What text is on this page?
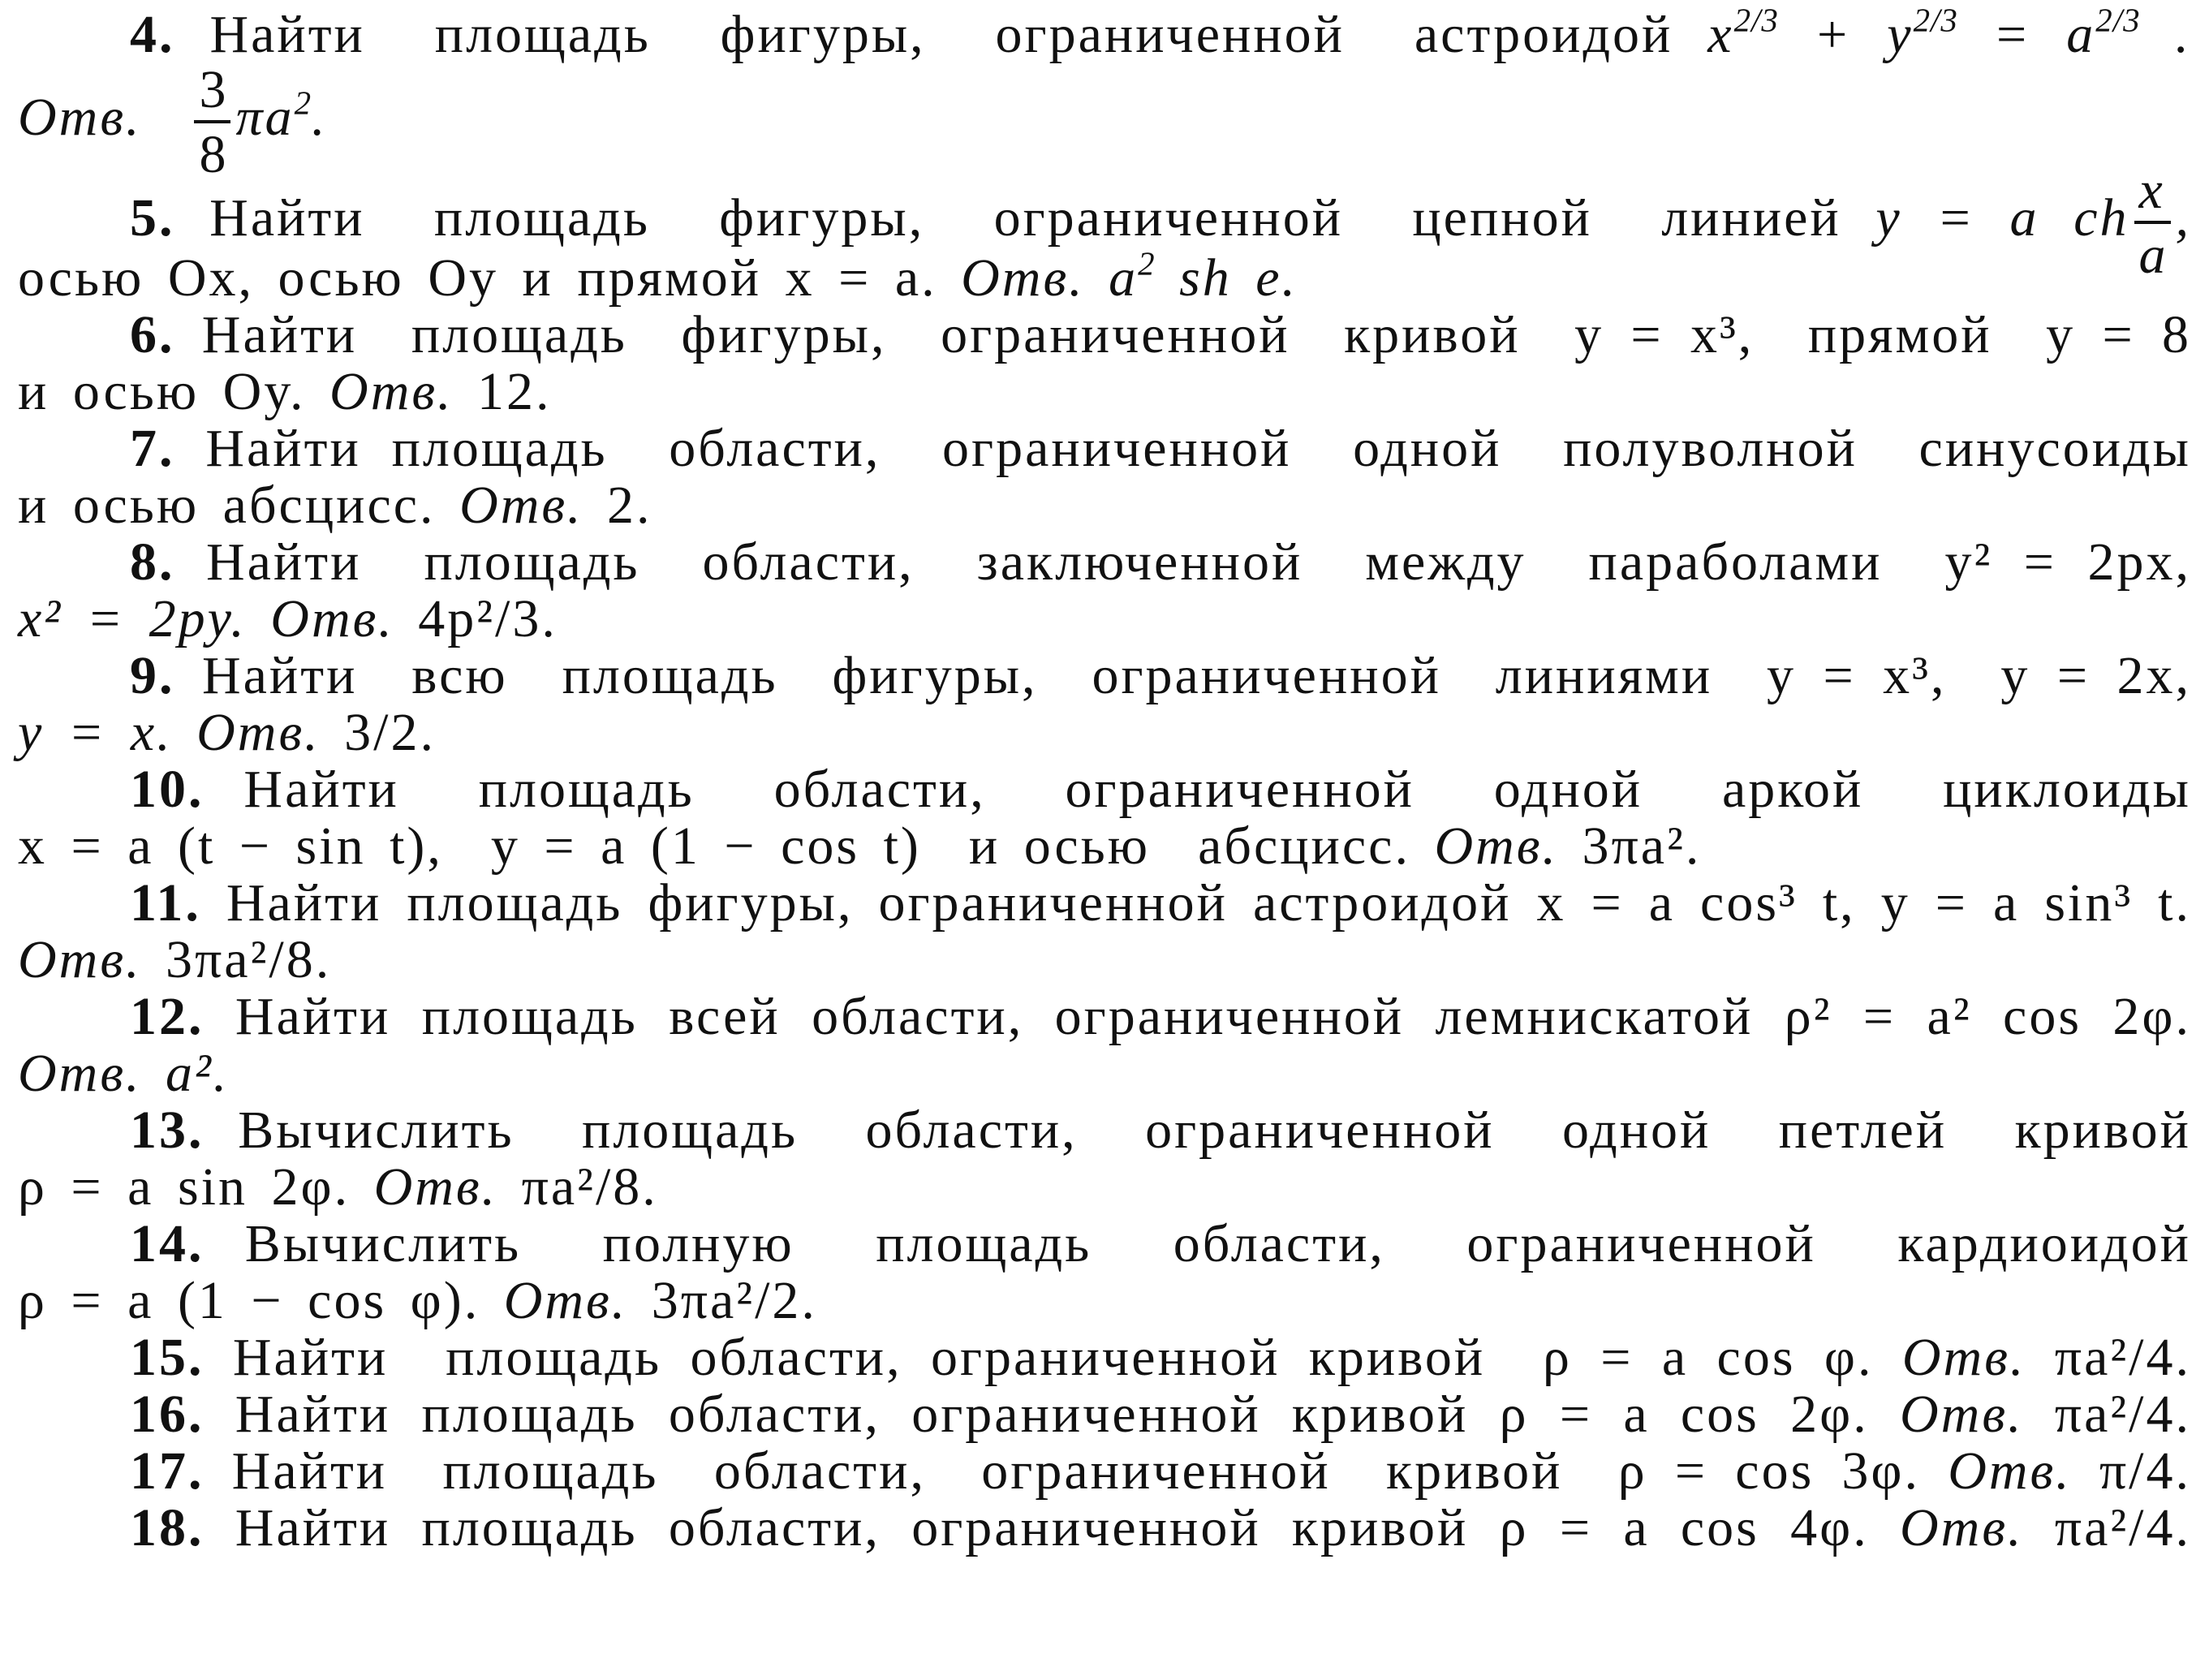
4. Найти  площадь  фигуры,  ограниченной  астроидой $x^{2/3} + y^{2/3} = a^{2/3}$ .
Отв. $\frac{3}{8} \pi a^2$.
5. Найти  площадь  фигуры,  ограниченной  цепной  линией y = a ch $\frac{x}{a}$ ,
осью Ox, осью Oy и прямой x = a. Отв. $a^2$ sh e.
6. Найти  площадь  фигуры,  ограниченной  кривой  y = x³,  прямой  y = 8
и осью Oy. Отв. 12.
7. Найти площадь  области,  ограниченной  одной  полуволной  синусоиды
и осью абсцисс. Отв. 2.
8. Найти  площадь  области,  заключенной  между  параболами  y² = 2px,
x² = 2py. Отв. 4p²/3.
9. Найти  всю  площадь  фигуры,  ограниченной  линиями  y = x³,  y = 2x,
y = x. Отв. 3/2.
10. Найти  площадь  области,  ограниченной  одной  аркой  циклоиды
x = a (t − sin t),  y = a (1 − cos t)  и осью  абсцисс. Отв. 3πa².
11. Найти площадь фигуры, ограниченной астроидой x = a cos³ t, y = a sin³ t.
Отв. 3πa²/8.
12. Найти площадь всей области, ограниченной лемнискатой ρ² = a² cos 2φ.
Отв. a².
13. Вычислить  площадь  области,  ограниченной  одной  петлей  кривой
ρ = a sin 2φ. Отв. πa²/8.
14. Вычислить  полную  площадь  области,  ограниченной  кардиоидой
ρ = a (1 − cos φ). Отв. 3πa²/2.
15. Найти  площадь области, ограниченной кривой  ρ = a cos φ. Отв. πa²/4.
16. Найти площадь области, ограниченной кривой ρ = a cos 2φ. Отв. πa²/4.
17. Найти  площадь  области,  ограниченной  кривой  ρ = cos 3φ. Отв. π/4.
18. Найти площадь области, ограниченной кривой ρ = a cos 4φ. Отв. πa²/4.
